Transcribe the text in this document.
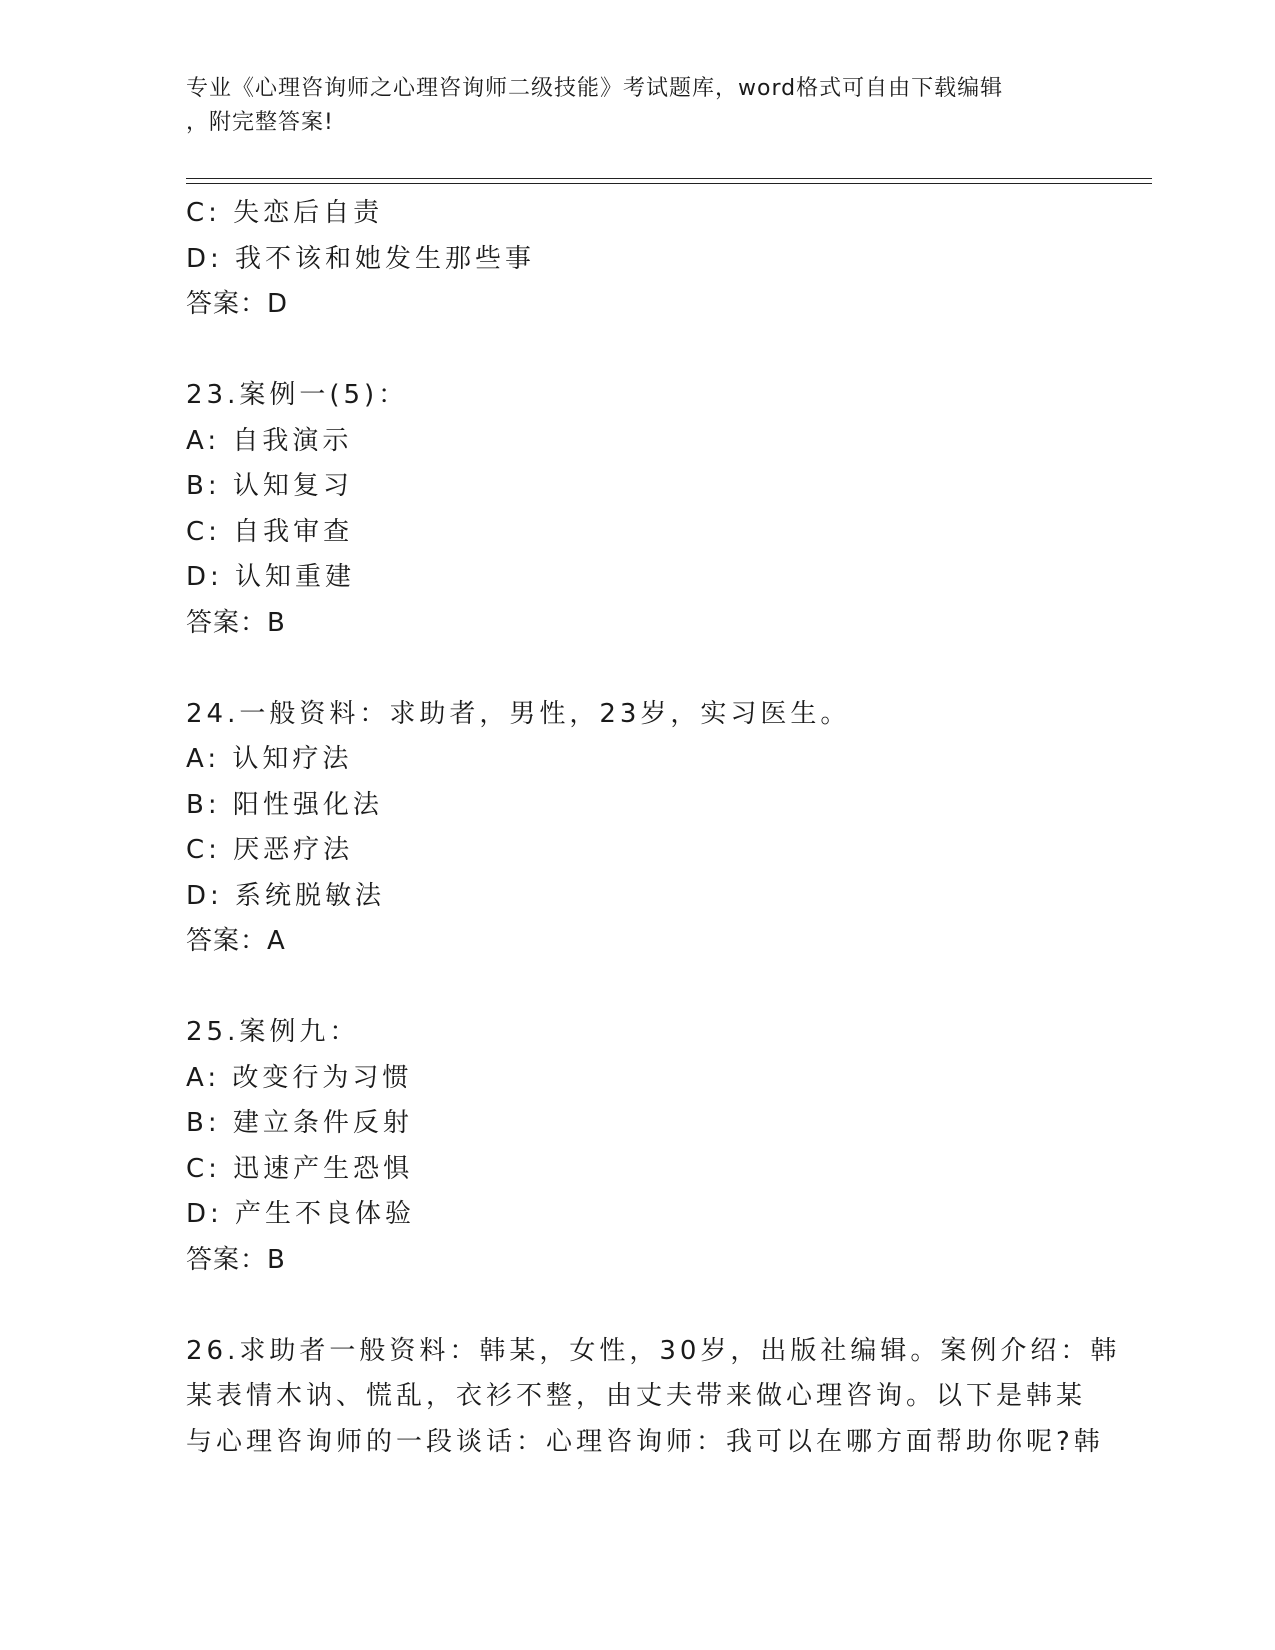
专业《心理咨询师之心理咨询师二级技能》考试题库，word格式可自由下载编辑
，附完整答案!
C: 失恋后自责
D: 我不该和她发生那些事
答案：D
23.案例一(5)：
A: 自我演示
B: 认知复习
C: 自我审查
D: 认知重建
答案：B
24.一般资料：求助者，男性，23岁，实习医生。
A: 认知疗法
B: 阳性强化法
C: 厌恶疗法
D: 系统脱敏法
答案：A
25.案例九：
A: 改变行为习惯
B: 建立条件反射
C: 迅速产生恐惧
D: 产生不良体验
答案：B
26.求助者一般资料：韩某，女性，30岁，出版社编辑。案例介绍：韩
某表情木讷、慌乱，衣衫不整，由丈夫带来做心理咨询。以下是韩某
与心理咨询师的一段谈话：心理咨询师：我可以在哪方面帮助你呢?韩
